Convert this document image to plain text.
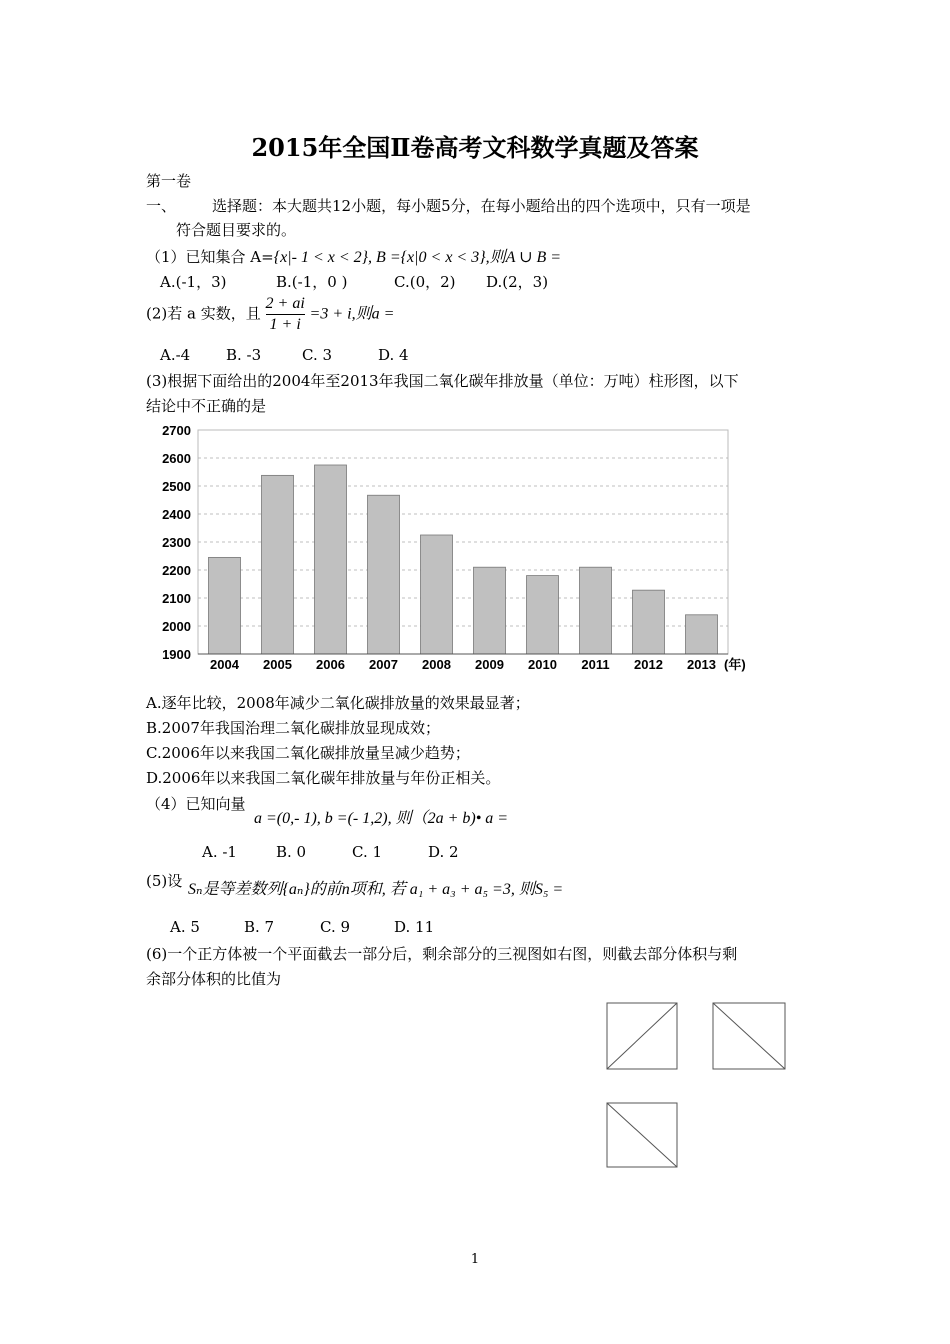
2015年全国Ⅱ卷高考文科数学真题及答案
第一卷
一、 选择题：本大题共12小题，每小题5分，在每小题给出的四个选项中，只有一项是
符合题目要求的。
（1）已知集合 A={x|- 1 < x < 2}, B ={x|0 < x < 3},则A ∪ B =
A.(-1，3)	B.(-1，0 )	C.(0，2) D.(2，3)
(2)若 a 实数，且 $\frac{2 + ai}{1 + i} =3 + i$,则a =
A.-4 B. -3	C. 3	D. 4
(3)根据下面给出的2004年至2013年我国二氧化碳年排放量（单位：万吨）柱形图，以下
结论中不正确的是
1900
2000
2100
2200
2300
2400
2500
2600
2700
2004 2005 2006 2007 2008 2009 2010 2011 2012 2013 (年)
A.逐年比较，2008年减少二氧化碳排放量的效果最显著；
B.2007年我国治理二氧化碳排放显现成效；
C.2006年以来我国二氧化碳排放量呈减少趋势；
D.2006年以来我国二氧化碳年排放量与年份正相关。
（4）已知向量
a =(0,- 1), b =(- 1,2), 则（2a + b)• a =
A. -1	B. 0	C. 1	D. 2
(5)设 Sₙ是等差数列{aₙ}的前n项和, 若 a₁ + a₃ + a₅ =3, 则S₅ =
A. 5	B. 7	C. 9	D. 11
(6)一个正方体被一个平面截去一部分后，剩余部分的三视图如右图，则截去部分体积与剩
余部分体积的比值为
1
